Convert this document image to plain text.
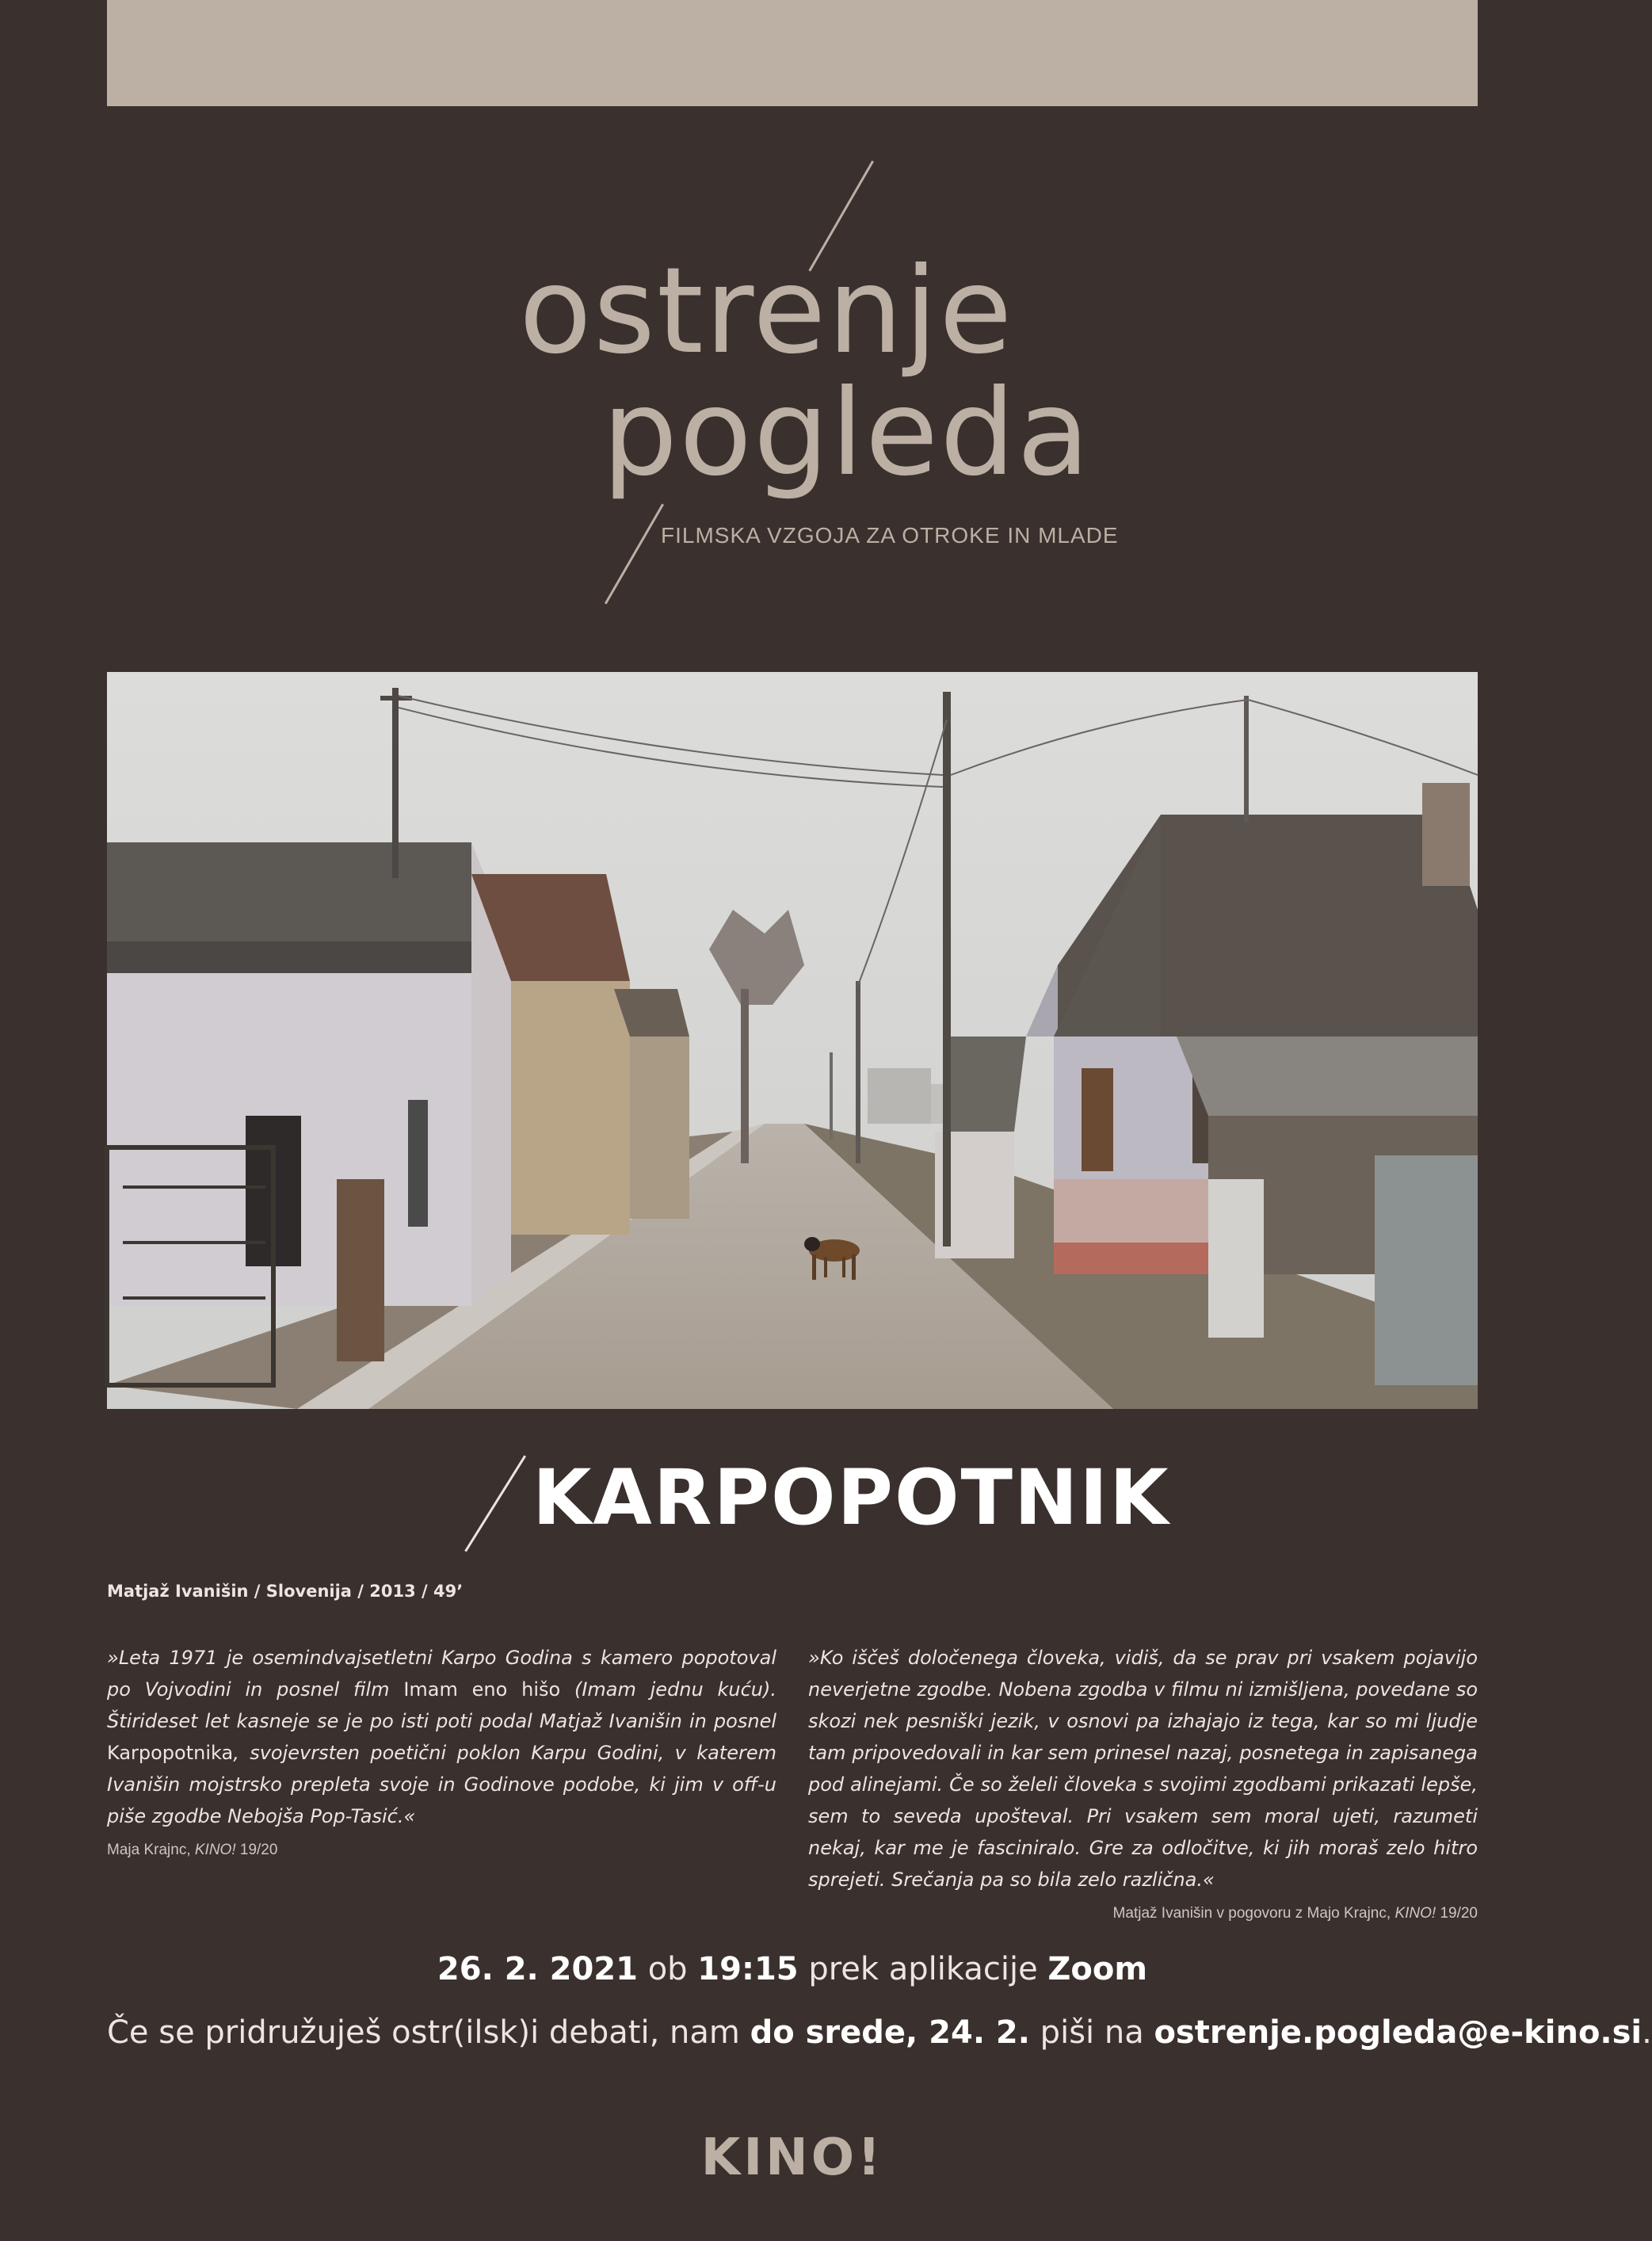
ostrenje
pogleda
FILMSKA VZGOJA ZA OTROKE IN MLADE
KARPOPOTNIK
Matjaž Ivanišin / Slovenija / 2013 / 49’
»Leta 1971 je osemindvajsetletni Karpo Godina s kamero popotoval po Vojvodini in posnel film Imam eno hišo (Imam jednu kuću). Štirideset let kasneje se je po isti poti podal Matjaž Ivanišin in posnel Karpopotnika, svojevrsten poetični poklon Karpu Godini, v katerem Ivanišin mojstrsko prepleta svoje in Godinove podobe, ki jim v off-u piše zgodbe Nebojša Pop-Tasić.«
Maja Krajnc, KINO! 19/20
»Ko iščeš določenega človeka, vidiš, da se prav pri vsakem pojavijo neverjetne zgodbe. Nobena zgodba v filmu ni izmišljena, povedane so skozi nek pesniški jezik, v osnovi pa izhajajo iz tega, kar so mi ljudje tam pripovedovali in kar sem prinesel nazaj, posnetega in zapisanega pod alinejami. Če so želeli človeka s svojimi zgodbami prikazati lepše, sem to seveda upošteval. Pri vsakem sem moral ujeti, razumeti nekaj, kar me je fasciniralo. Gre za odločitve, ki jih moraš zelo hitro sprejeti. Srečanja pa so bila zelo različna.«
Matjaž Ivanišin v pogovoru z Majo Krajnc, KINO! 19/20
26. 2. 2021 ob 19:15 prek aplikacije Zoom
Če se pridružuješ ostr(ilsk)i debati, nam do srede, 24. 2. piši na ostrenje.pogleda@e-kino.si.
KINO!
